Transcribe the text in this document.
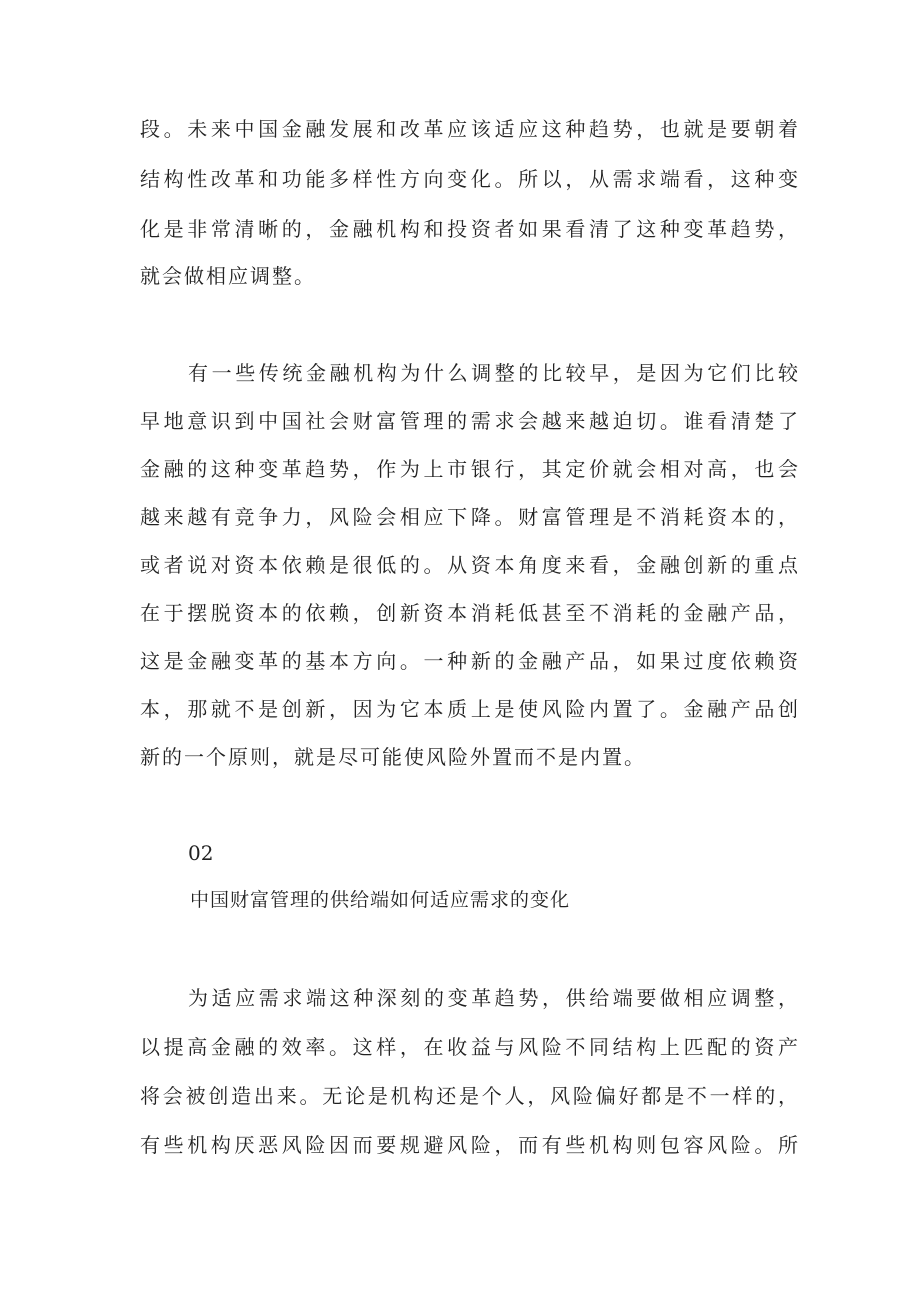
段。未来中国金融发展和改革应该适应这种趋势，也就是要朝着
结构性改革和功能多样性方向变化。所以，从需求端看，这种变
化是非常清晰的，金融机构和投资者如果看清了这种变革趋势，
就会做相应调整。
有一些传统金融机构为什么调整的比较早，是因为它们比较
早地意识到中国社会财富管理的需求会越来越迫切。谁看清楚了
金融的这种变革趋势，作为上市银行，其定价就会相对高，也会
越来越有竞争力，风险会相应下降。财富管理是不消耗资本的，
或者说对资本依赖是很低的。从资本角度来看，金融创新的重点
在于摆脱资本的依赖，创新资本消耗低甚至不消耗的金融产品，
这是金融变革的基本方向。一种新的金融产品，如果过度依赖资
本，那就不是创新，因为它本质上是使风险内置了。金融产品创
新的一个原则，就是尽可能使风险外置而不是内置。
02
中国财富管理的供给端如何适应需求的变化
为适应需求端这种深刻的变革趋势，供给端要做相应调整，
以提高金融的效率。这样，在收益与风险不同结构上匹配的资产
将会被创造出来。无论是机构还是个人，风险偏好都是不一样的，
有些机构厌恶风险因而要规避风险，而有些机构则包容风险。所
